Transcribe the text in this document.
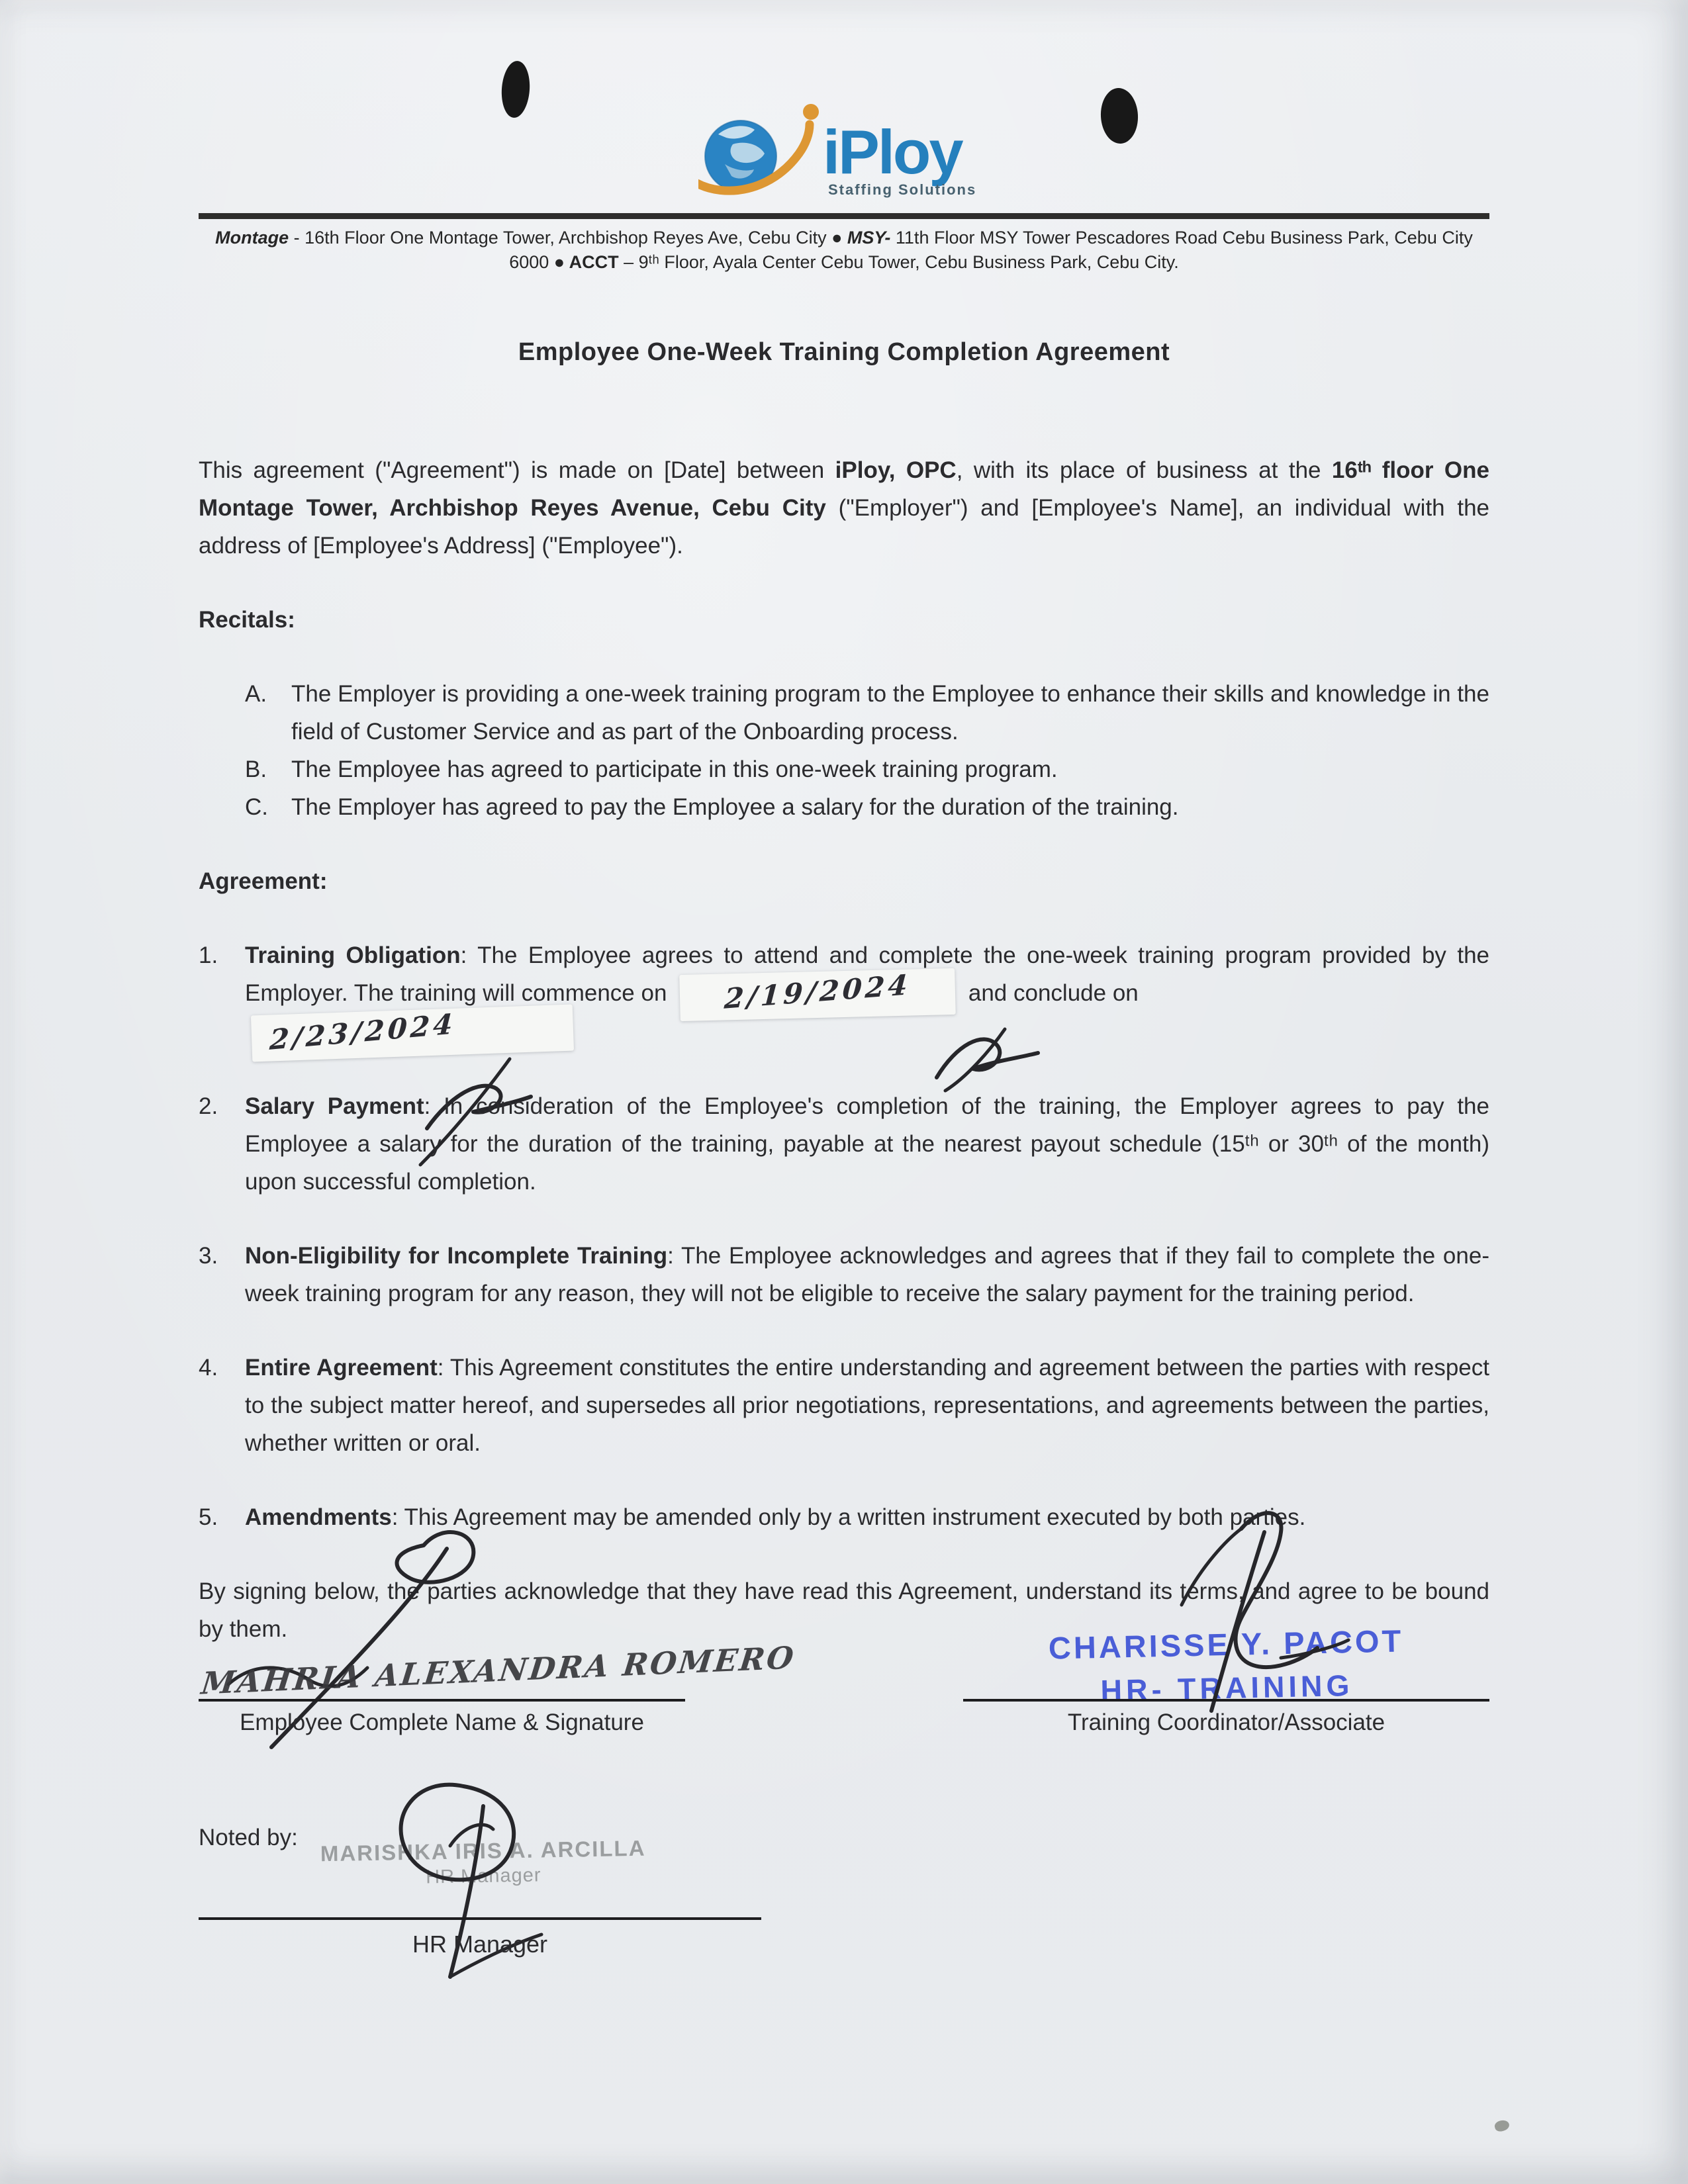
iPloy
Staffing Solutions
Montage - 16th Floor One Montage Tower, Archbishop Reyes Ave, Cebu City ● MSY- 11th Floor MSY Tower Pescadores Road Cebu Business Park, Cebu City 6000 ● ACCT – 9ᵗʰ Floor, Ayala Center Cebu Tower, Cebu Business Park, Cebu City.
Employee One-Week Training Completion Agreement
This agreement ("Agreement") is made on [Date] between iPloy, OPC, with its place of business at the 16ᵗʰ floor One Montage Tower, Archbishop Reyes Avenue, Cebu City ("Employer") and [Employee's Name], an individual with the address of [Employee's Address] ("Employee").
Recitals:
A.	The Employer is providing a one-week training program to the Employee to enhance their skills and knowledge in the field of Customer Service and as part of the Onboarding process.
B.	The Employee has agreed to participate in this one-week training program.
C.	The Employer has agreed to pay the Employee a salary for the duration of the training.
Agreement:
1.	Training Obligation: The Employee agrees to attend and complete the one-week training program provided by the Employer. The training will commence on 2/19/2024 and conclude on
2/23/2024
2.	Salary Payment: In consideration of the Employee's completion of the training, the Employer agrees to pay the Employee a salary for the duration of the training, payable at the nearest payout schedule (15ᵗʰ or 30ᵗʰ of the month) upon successful completion.
3.	Non-Eligibility for Incomplete Training: The Employee acknowledges and agrees that if they fail to complete the one-week training program for any reason, they will not be eligible to receive the salary payment for the training period.
4.	Entire Agreement: This Agreement constitutes the entire understanding and agreement between the parties with respect to the subject matter hereof, and supersedes all prior negotiations, representations, and agreements between the parties, whether written or oral.
5.	Amendments: This Agreement may be amended only by a written instrument executed by both parties.
By signing below, the parties acknowledge that they have read this Agreement, understand its terms, and agree to be bound by them.
MAHRIA ALEXANDRA ROMERO
Employee Complete Name & Signature
CHARISSE Y. PACOT
HR- TRAINING
Training Coordinator/Associate
Noted by:	MARISHKA IRIS A. ARCILLA
HR Manager
HR Manager
